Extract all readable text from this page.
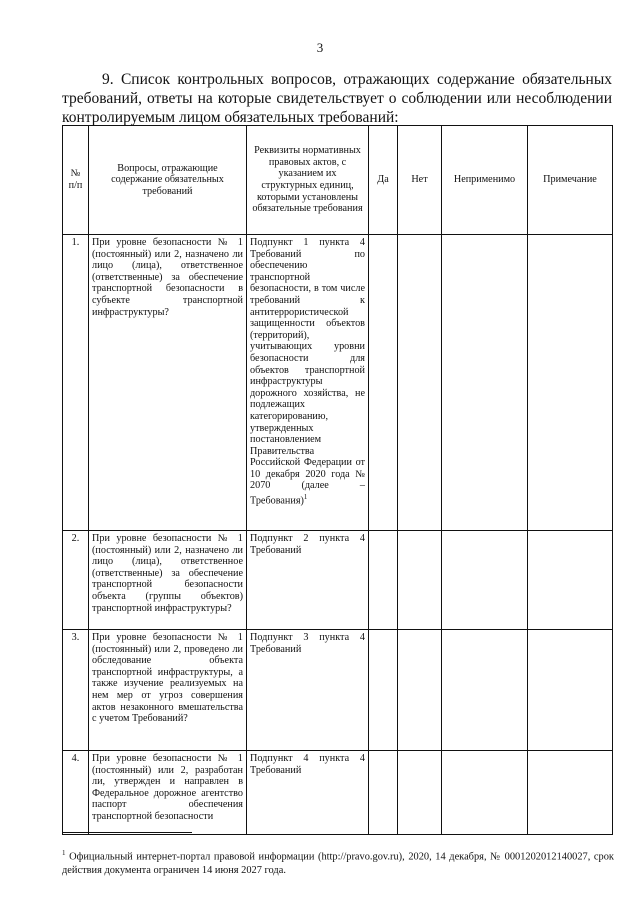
3
9. Список контрольных вопросов, отражающих содержание обязательных требований, ответы на которые свидетельствует о соблюдении или несоблюдении контролируемым лицом обязательных требований:
№ п/п	Вопросы, отражающие содержание обязательных требований	Реквизиты нормативных правовых актов, с указанием их структурных единиц, которыми установлены обязательные требования	Да	Нет	Неприменимо	Примечание
1.	При уровне безопасности № 1 (постоянный) или 2, назначено ли лицо (лица), ответственное (ответственные) за обеспечение транспортной безопасности в субъекте транспортной инфраструктуры?	Подпункт 1 пункта 4 Требований по обеспечению транспортной безопасности, в том числе требований к антитеррористической защищенности объектов (территорий), учитывающих уровни безопасности для объектов транспортной инфраструктуры дорожного хозяйства, не подлежащих категорированию, утвержденных постановлением Правительства Российской Федерации от 10 декабря 2020 года № 2070 (далее – Требования)$^1$				
2.	При уровне безопасности № 1 (постоянный) или 2, назначено ли лицо (лица), ответственное (ответственные) за обеспечение транспортной безопасности объекта (группы объектов) транспортной инфраструктуры?	Подпункт 2 пункта 4 Требований				
3.	При уровне безопасности № 1 (постоянный) или 2, проведено ли обследование объекта транспортной инфраструктуры, а также изучение реализуемых на нем мер от угроз совершения актов незаконного вмешательства с учетом Требований?	Подпункт 3 пункта 4 Требований				
4.	При уровне безопасности № 1 (постоянный) или 2, разработан ли, утвержден и направлен в Федеральное дорожное агентство паспорт обеспечения транспортной безопасности	Подпункт 4 пункта 4 Требований				
$^1$ Официальный интернет-портал правовой информации (http://pravo.gov.ru), 2020, 14 декабря, № 0001202012140027, срок действия документа ограничен 14 июня 2027 года.
